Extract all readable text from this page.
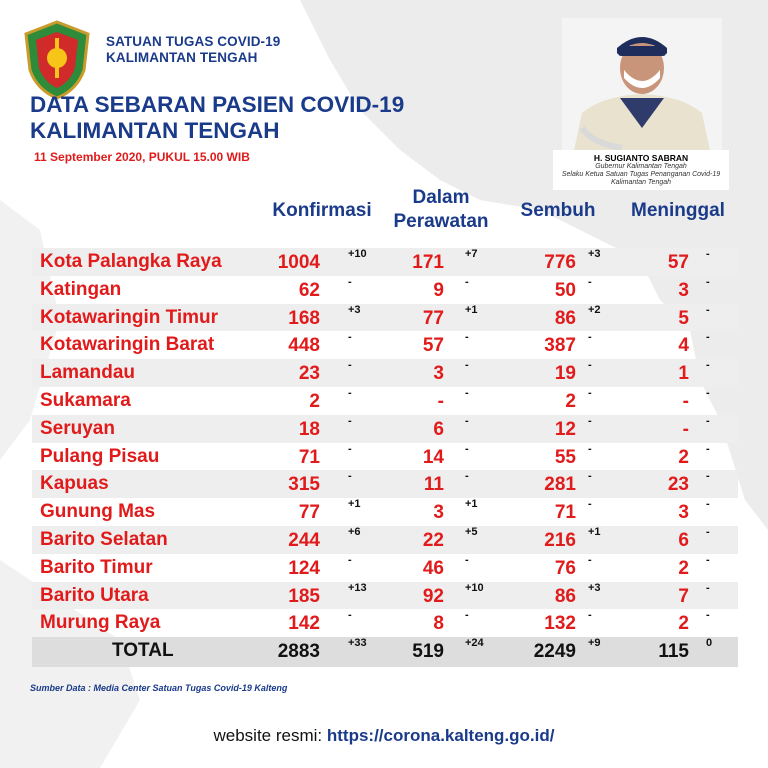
SATUAN TUGAS COVID-19
KALIMANTAN TENGAH
DATA SEBARAN PASIEN COVID-19
KALIMANTAN TENGAH
11 September 2020, PUKUL 15.00 WIB	H. SUGIANTO SABRAN
Gubernur Kalimantan Tengah
Selaku Ketua Satuan Tugas Penanganan Covid-19
Kalimantan Tengah
Konfirmasi
Dalam
Perawatan
Sembuh	Meninggal
Kota Palangka Raya	1004	+10 171 +7	776 +3	57 -
Katingan	62	-	9 -	50 -	3 -
Kotawaringin Timur	168	+3	77 +1	86 +2	5 -
Kotawaringin Barat	448	-	57 -	387 -	4 -
Lamandau	23	-	3 -	19 -	1 -
Sukamara	2	-	- -	2 -	- -
Seruyan	18	-	6 -	12 -	- -
Pulang Pisau	71	-	14 -	55 -	2 -
Kapuas	315	-	11 -	281 -	23 -
Gunung Mas	77	+1	3 +1	71 -	3 -
Barito Selatan	244	+6	22 +5	216 +1	6 -
Barito Timur	124	-	46 -	76 -	2 -
Barito Utara	185	+13	92 +10	86 +3	7 -
Murung Raya	142	-	8 -	132 -	2 -
TOTAL	2883	+33 519 +24	2249 +9	115 0
Sumber Data : Media Center Satuan Tugas Covid-19 Kalteng
website resmi: https://corona.kalteng.go.id/
